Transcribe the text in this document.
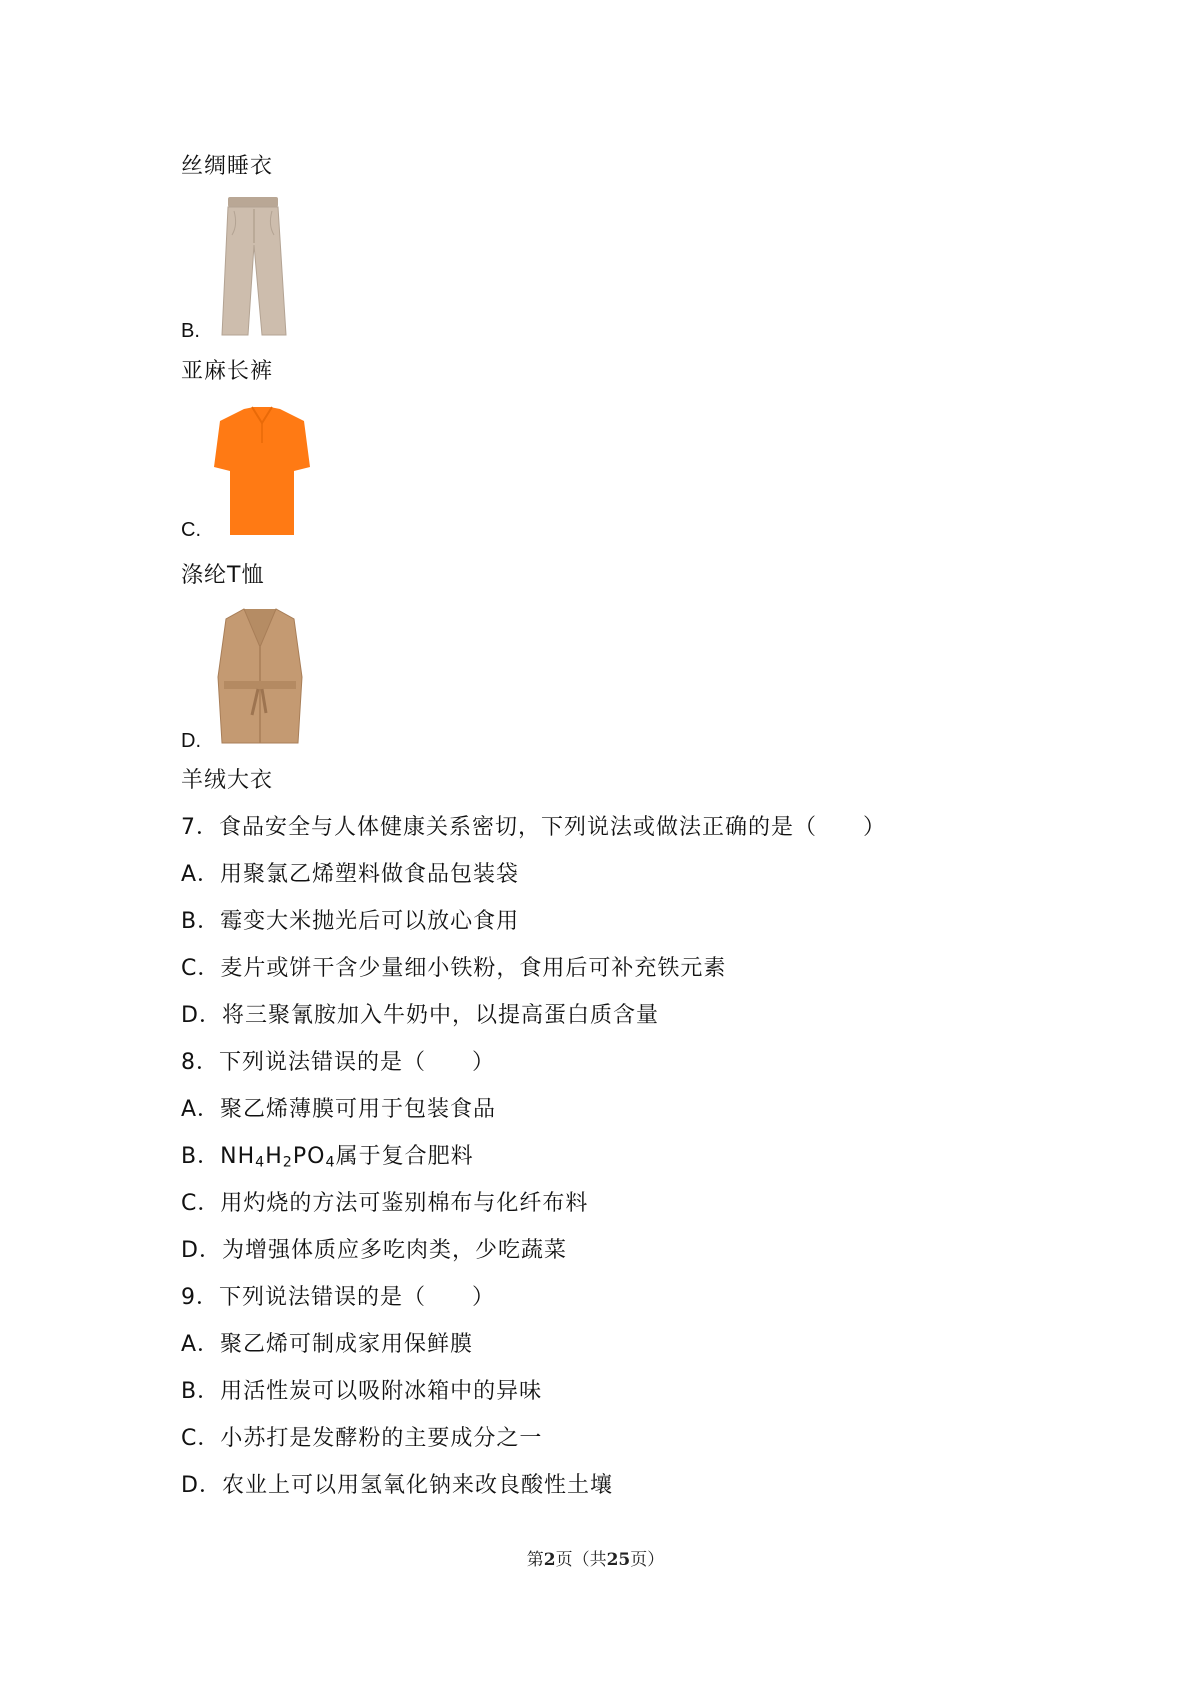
丝绸睡衣
B.
亚麻长裤
C.
涤纶T恤
D.
羊绒大衣
7．食品安全与人体健康关系密切，下列说法或做法正确的是（　　）
A．用聚氯乙烯塑料做食品包装袋
B．霉变大米抛光后可以放心食用
C．麦片或饼干含少量细小铁粉，食用后可补充铁元素
D．将三聚氰胺加入牛奶中，以提高蛋白质含量
8．下列说法错误的是（　　）
A．聚乙烯薄膜可用于包装食品
B．$NH_4H_2PO_4$属于复合肥料
C．用灼烧的方法可鉴别棉布与化纤布料
D．为增强体质应多吃肉类，少吃蔬菜
9．下列说法错误的是（　　）
A．聚乙烯可制成家用保鲜膜
B．用活性炭可以吸附冰箱中的异味
C．小苏打是发酵粉的主要成分之一
D．农业上可以用氢氧化钠来改良酸性土壤
第2页（共25页）
